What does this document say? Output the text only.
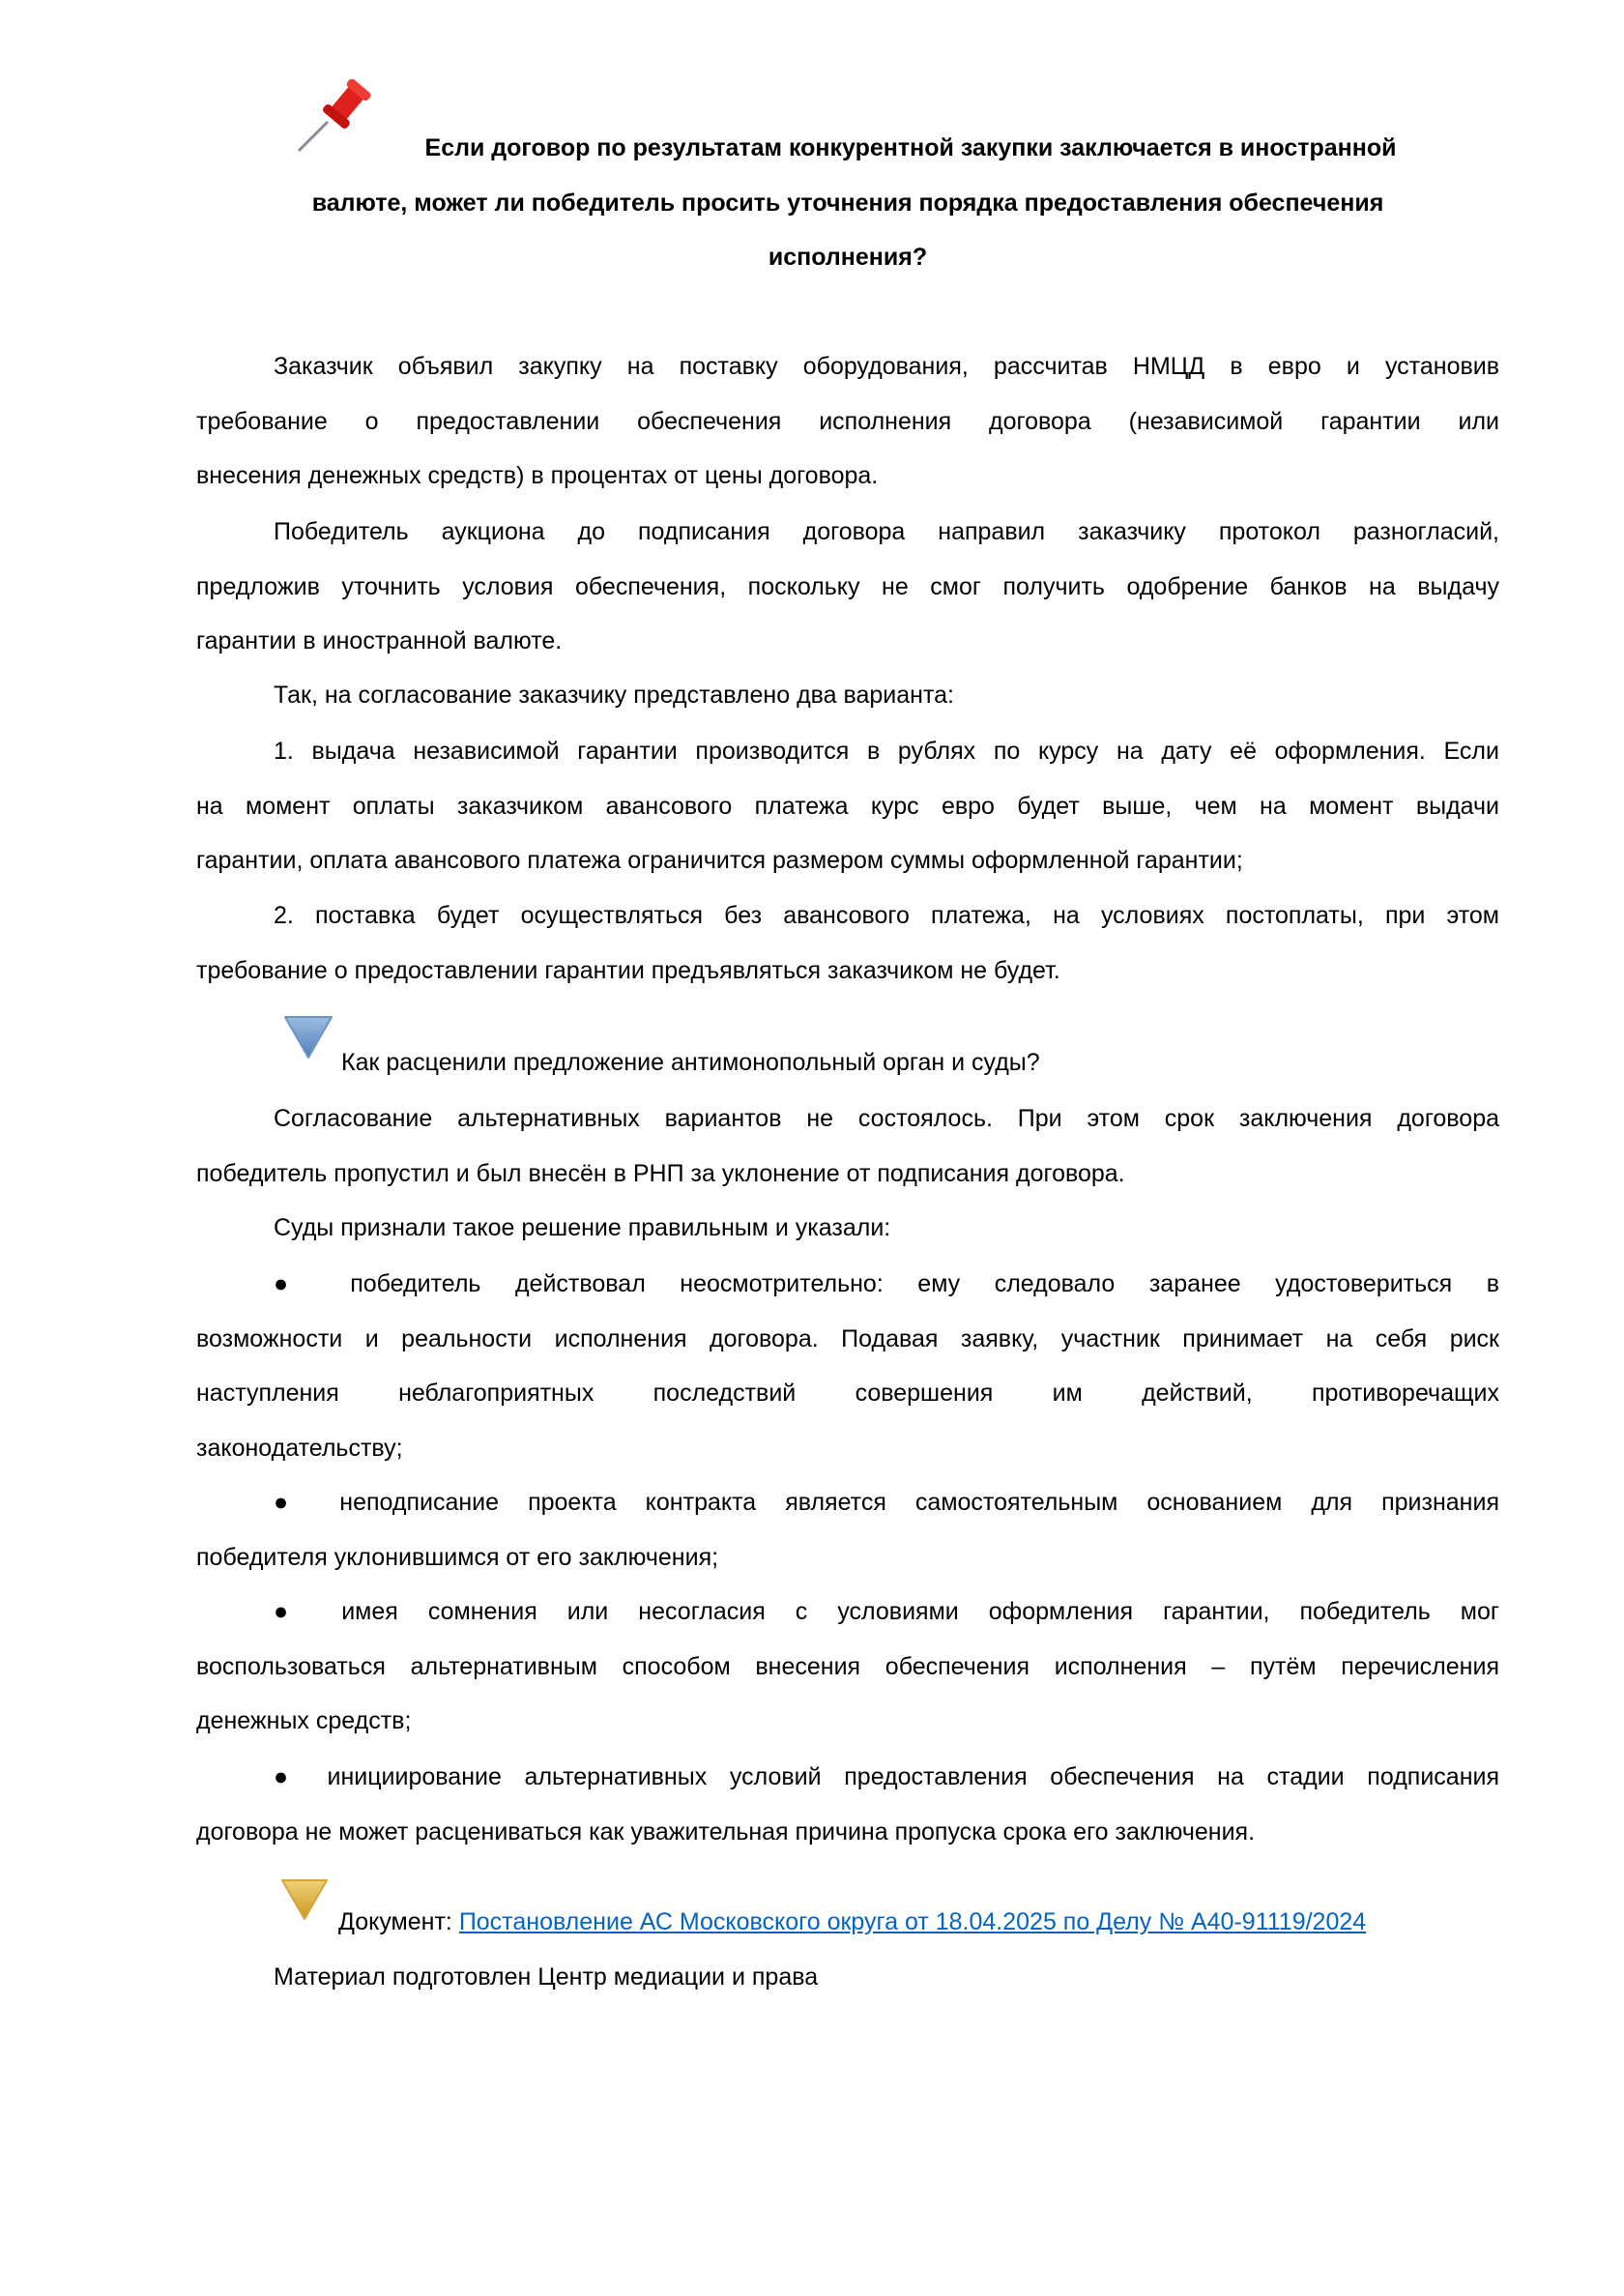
Если договор по результатам конкурентной закупки заключается в иностранной
валюте, может ли победитель просить уточнения порядка предоставления обеспечения
исполнения?
Заказчик объявил закупку на поставку оборудования, рассчитав НМЦД в евро и установив
требование о предоставлении обеспечения исполнения договора (независимой гарантии или
внесения денежных средств) в процентах от цены договора.
Победитель аукциона до подписания договора направил заказчику протокол разногласий,
предложив уточнить условия обеспечения, поскольку не смог получить одобрение банков на выдачу
гарантии в иностранной валюте.
Так, на согласование заказчику представлено два варианта:
1. выдача независимой гарантии производится в рублях по курсу на дату её оформления. Если
на момент оплаты заказчиком авансового платежа курс евро будет выше, чем на момент выдачи
гарантии, оплата авансового платежа ограничится размером суммы оформленной гарантии;
2. поставка будет осуществляться без авансового платежа, на условиях постоплаты, при этом
требование о предоставлении гарантии предъявляться заказчиком не будет.
Как расценили предложение антимонопольный орган и суды?
Согласование альтернативных вариантов не состоялось. При этом срок заключения договора
победитель пропустил и был внесён в РНП за уклонение от подписания договора.
Суды признали такое решение правильным и указали:
● победитель действовал неосмотрительно: ему следовало заранее удостовериться в
возможности и реальности исполнения договора. Подавая заявку, участник принимает на себя риск
наступления неблагоприятных последствий совершения им действий, противоречащих
законодательству;
● неподписание проекта контракта является самостоятельным основанием для признания
победителя уклонившимся от его заключения;
● имея сомнения или несогласия с условиями оформления гарантии, победитель мог
воспользоваться альтернативным способом внесения обеспечения исполнения – путём перечисления
денежных средств;
● инициирование альтернативных условий предоставления обеспечения на стадии подписания
договора не может расцениваться как уважительная причина пропуска срока его заключения.
Документ: Постановление АС Московского округа от 18.04.2025 по Делу № А40-91119/2024
Материал подготовлен Центр медиации и права
